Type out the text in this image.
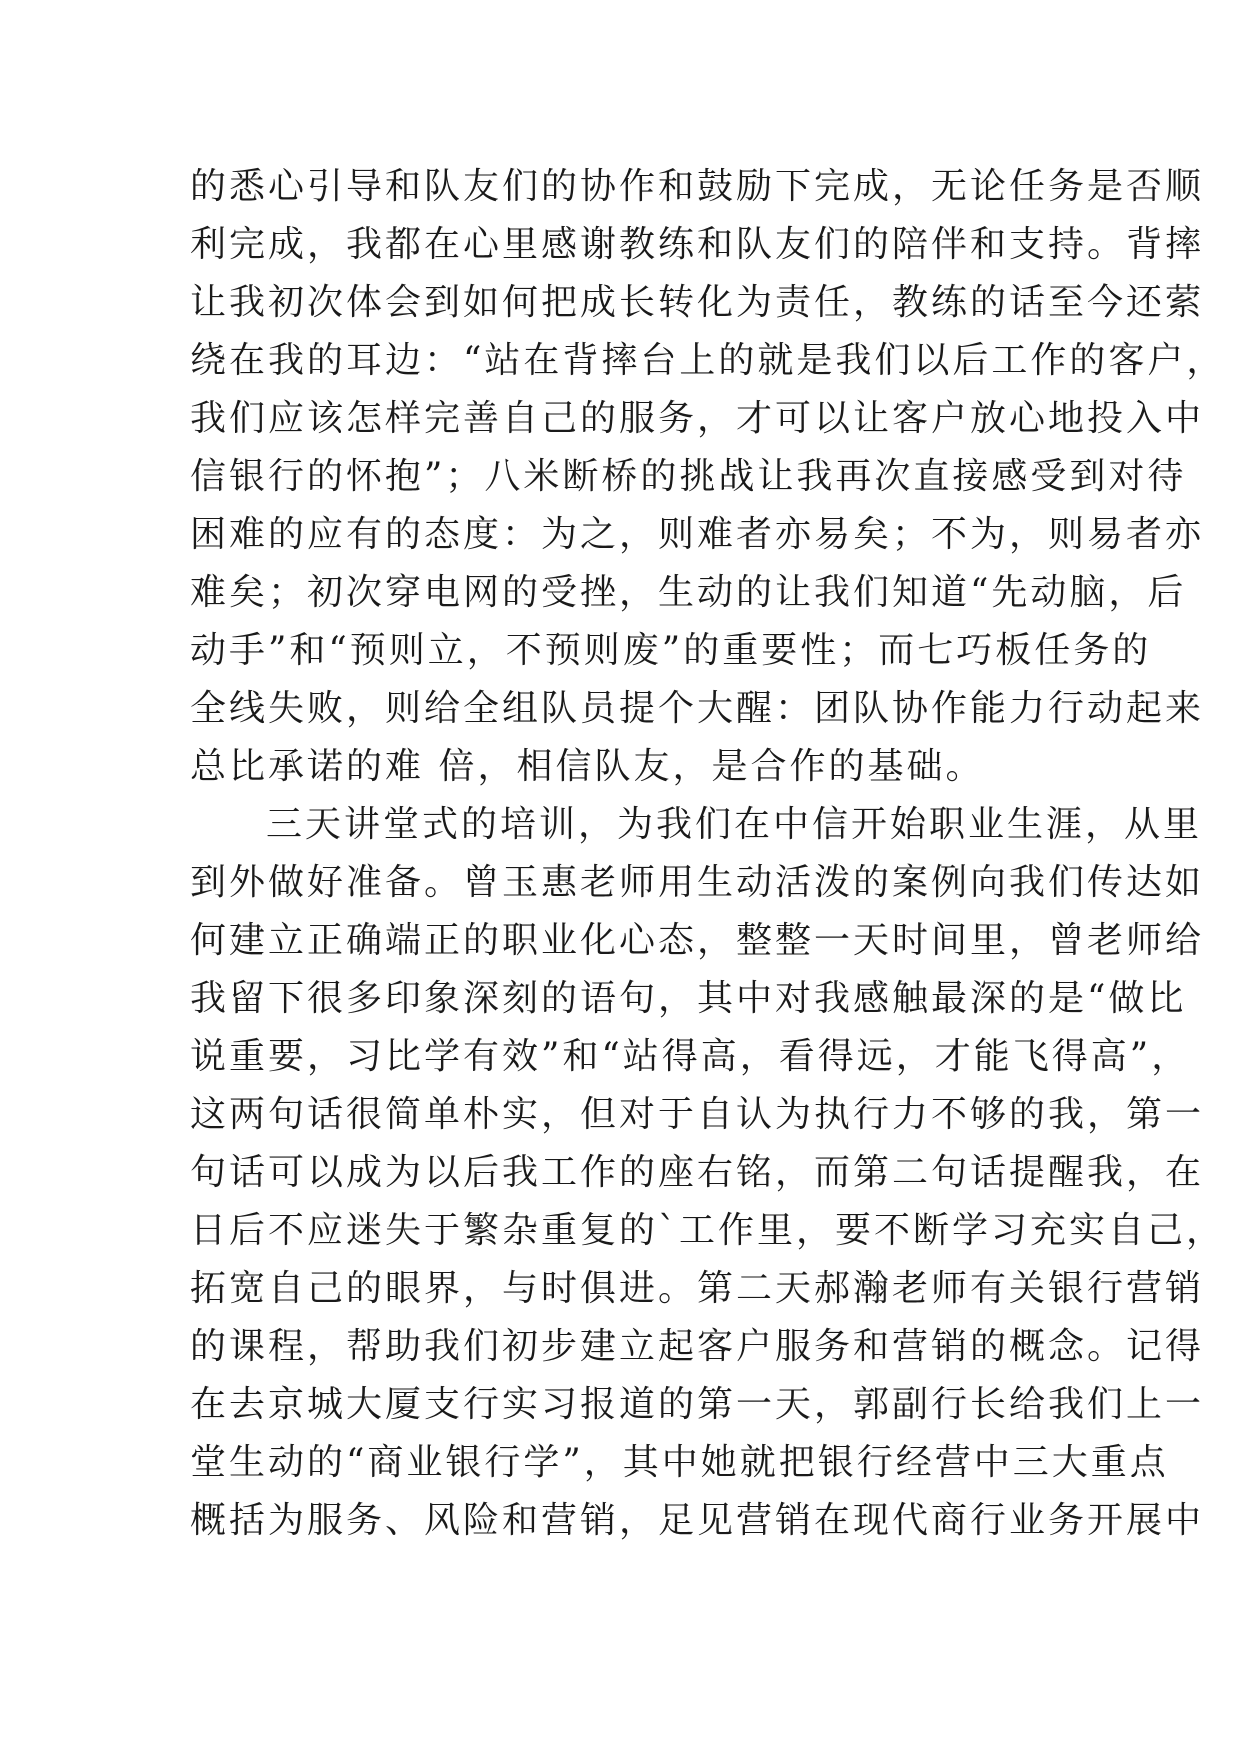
的悉心引导和队友们的协作和鼓励下完成，无论任务是否顺
利完成，我都在心里感谢教练和队友们的陪伴和支持。背摔
让我初次体会到如何把成长转化为责任，教练的话至今还萦
绕在我的耳边：“站在背摔台上的就是我们以后工作的客户，
我们应该怎样完善自己的服务，才可以让客户放心地投入中
信银行的怀抱”；八米断桥的挑战让我再次直接感受到对待
困难的应有的态度：为之，则难者亦易矣；不为，则易者亦
难矣；初次穿电网的受挫，生动的让我们知道“先动脑，后
动手”和“预则立，不预则废”的重要性；而七巧板任务的
全线失败，则给全组队员提个大醒：团队协作能力行动起来
总比承诺的难 倍，相信队友，是合作的基础。
三天讲堂式的培训，为我们在中信开始职业生涯，从里
到外做好准备。曾玉惠老师用生动活泼的案例向我们传达如
何建立正确端正的职业化心态，整整一天时间里，曾老师给
我留下很多印象深刻的语句，其中对我感触最深的是“做比
说重要，习比学有效”和“站得高，看得远，才能飞得高”，
这两句话很简单朴实，但对于自认为执行力不够的我，第一
句话可以成为以后我工作的座右铭，而第二句话提醒我，在
日后不应迷失于繁杂重复的`工作里，要不断学习充实自己，
拓宽自己的眼界，与时俱进。第二天郝瀚老师有关银行营销
的课程，帮助我们初步建立起客户服务和营销的概念。记得
在去京城大厦支行实习报道的第一天，郭副行长给我们上一
堂生动的“商业银行学”，其中她就把银行经营中三大重点
概括为服务、风险和营销，足见营销在现代商行业务开展中
